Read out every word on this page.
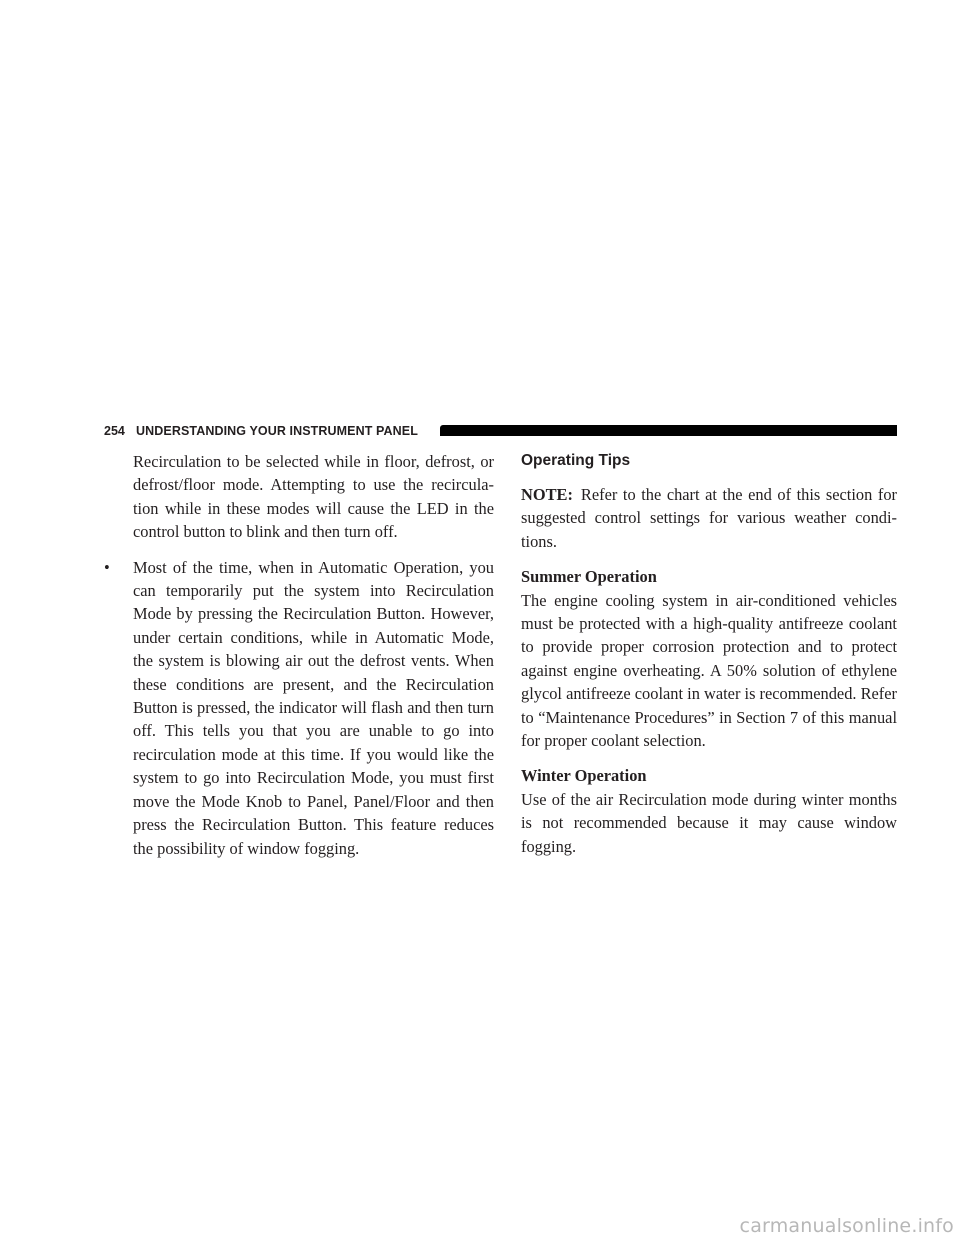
254 UNDERSTANDING YOUR INSTRUMENT PANEL

Recirculation to be selected while in floor, defrost, or defrost/floor mode. Attempting to use the recircula- tion while in these modes will cause the LED in the control button to blink and then turn off.

•	Most of the time, when in Automatic Operation, you can temporarily put the system into Recirculation Mode by pressing the Recirculation Button. However, under certain conditions, while in Automatic Mode, the system is blowing air out the defrost vents. When these conditions are present, and the Recirculation Button is pressed, the indicator will flash and then turn off. This tells you that you are unable to go into recirculation mode at this time. If you would like the system to go into Recirculation Mode, you must first move the Mode Knob to Panel, Panel/Floor and then press the Recirculation Button. This feature reduces the possibility of window fogging.
Operating Tips

NOTE: Refer to the chart at the end of this section for suggested control settings for various weather condi- tions.

Summer Operation

The engine cooling system in air-conditioned vehicles must be protected with a high-quality antifreeze coolant to provide proper corrosion protection and to protect against engine overheating. A 50% solution of ethylene glycol antifreeze coolant in water is recommended. Refer to “Maintenance Procedures” in Section 7 of this manual for proper coolant selection.

Winter Operation

Use of the air Recirculation mode during winter months is not recommended because it may cause window fogging.

carmanualsonline.info
